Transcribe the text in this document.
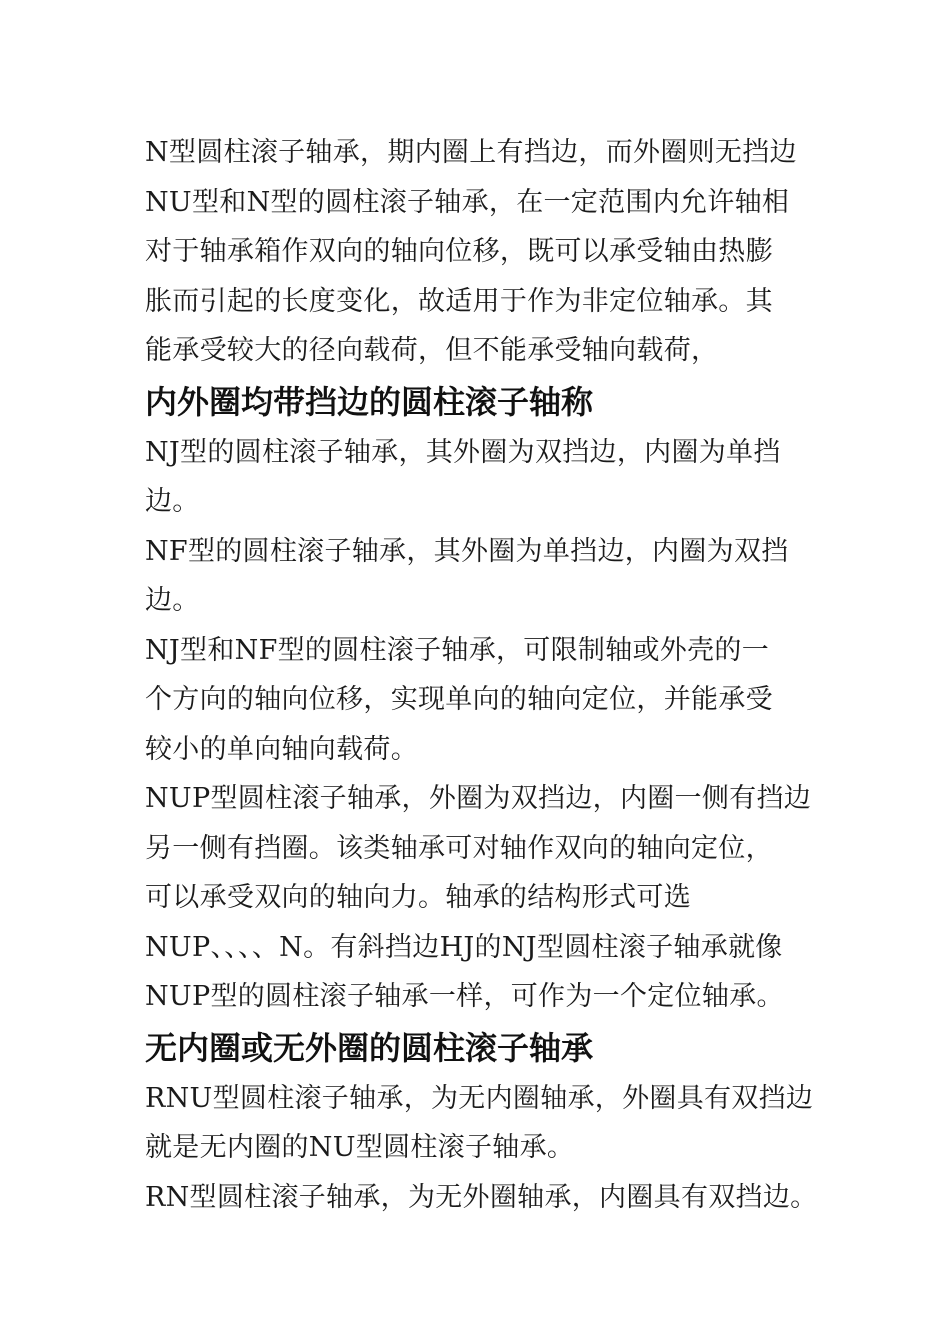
N型圆柱滚子轴承，期内圈上有挡边，而外圈则无挡边
NU型和N型的圆柱滚子轴承，在一定范围内允许轴相
对于轴承箱作双向的轴向位移，既可以承受轴由热膨
胀而引起的长度变化，故适用于作为非定位轴承。其
能承受较大的径向载荷，但不能承受轴向载荷，
内外圈均带挡边的圆柱滚子轴称
NJ型的圆柱滚子轴承，其外圈为双挡边，内圈为单挡
边。
NF型的圆柱滚子轴承，其外圈为单挡边，内圈为双挡
边。
NJ型和NF型的圆柱滚子轴承，可限制轴或外壳的一
个方向的轴向位移，实现单向的轴向定位，并能承受
较小的单向轴向载荷。
NUP型圆柱滚子轴承，外圈为双挡边，内圈一侧有挡边
另一侧有挡圈。该类轴承可对轴作双向的轴向定位，
可以承受双向的轴向力。轴承的结构形式可选
NUP、、、、N。有斜挡边HJ的NJ型圆柱滚子轴承就像
NUP型的圆柱滚子轴承一样，可作为一个定位轴承。
无内圈或无外圈的圆柱滚子轴承
RNU型圆柱滚子轴承，为无内圈轴承，外圈具有双挡边
就是无内圈的NU型圆柱滚子轴承。
RN型圆柱滚子轴承，为无外圈轴承，内圈具有双挡边。
